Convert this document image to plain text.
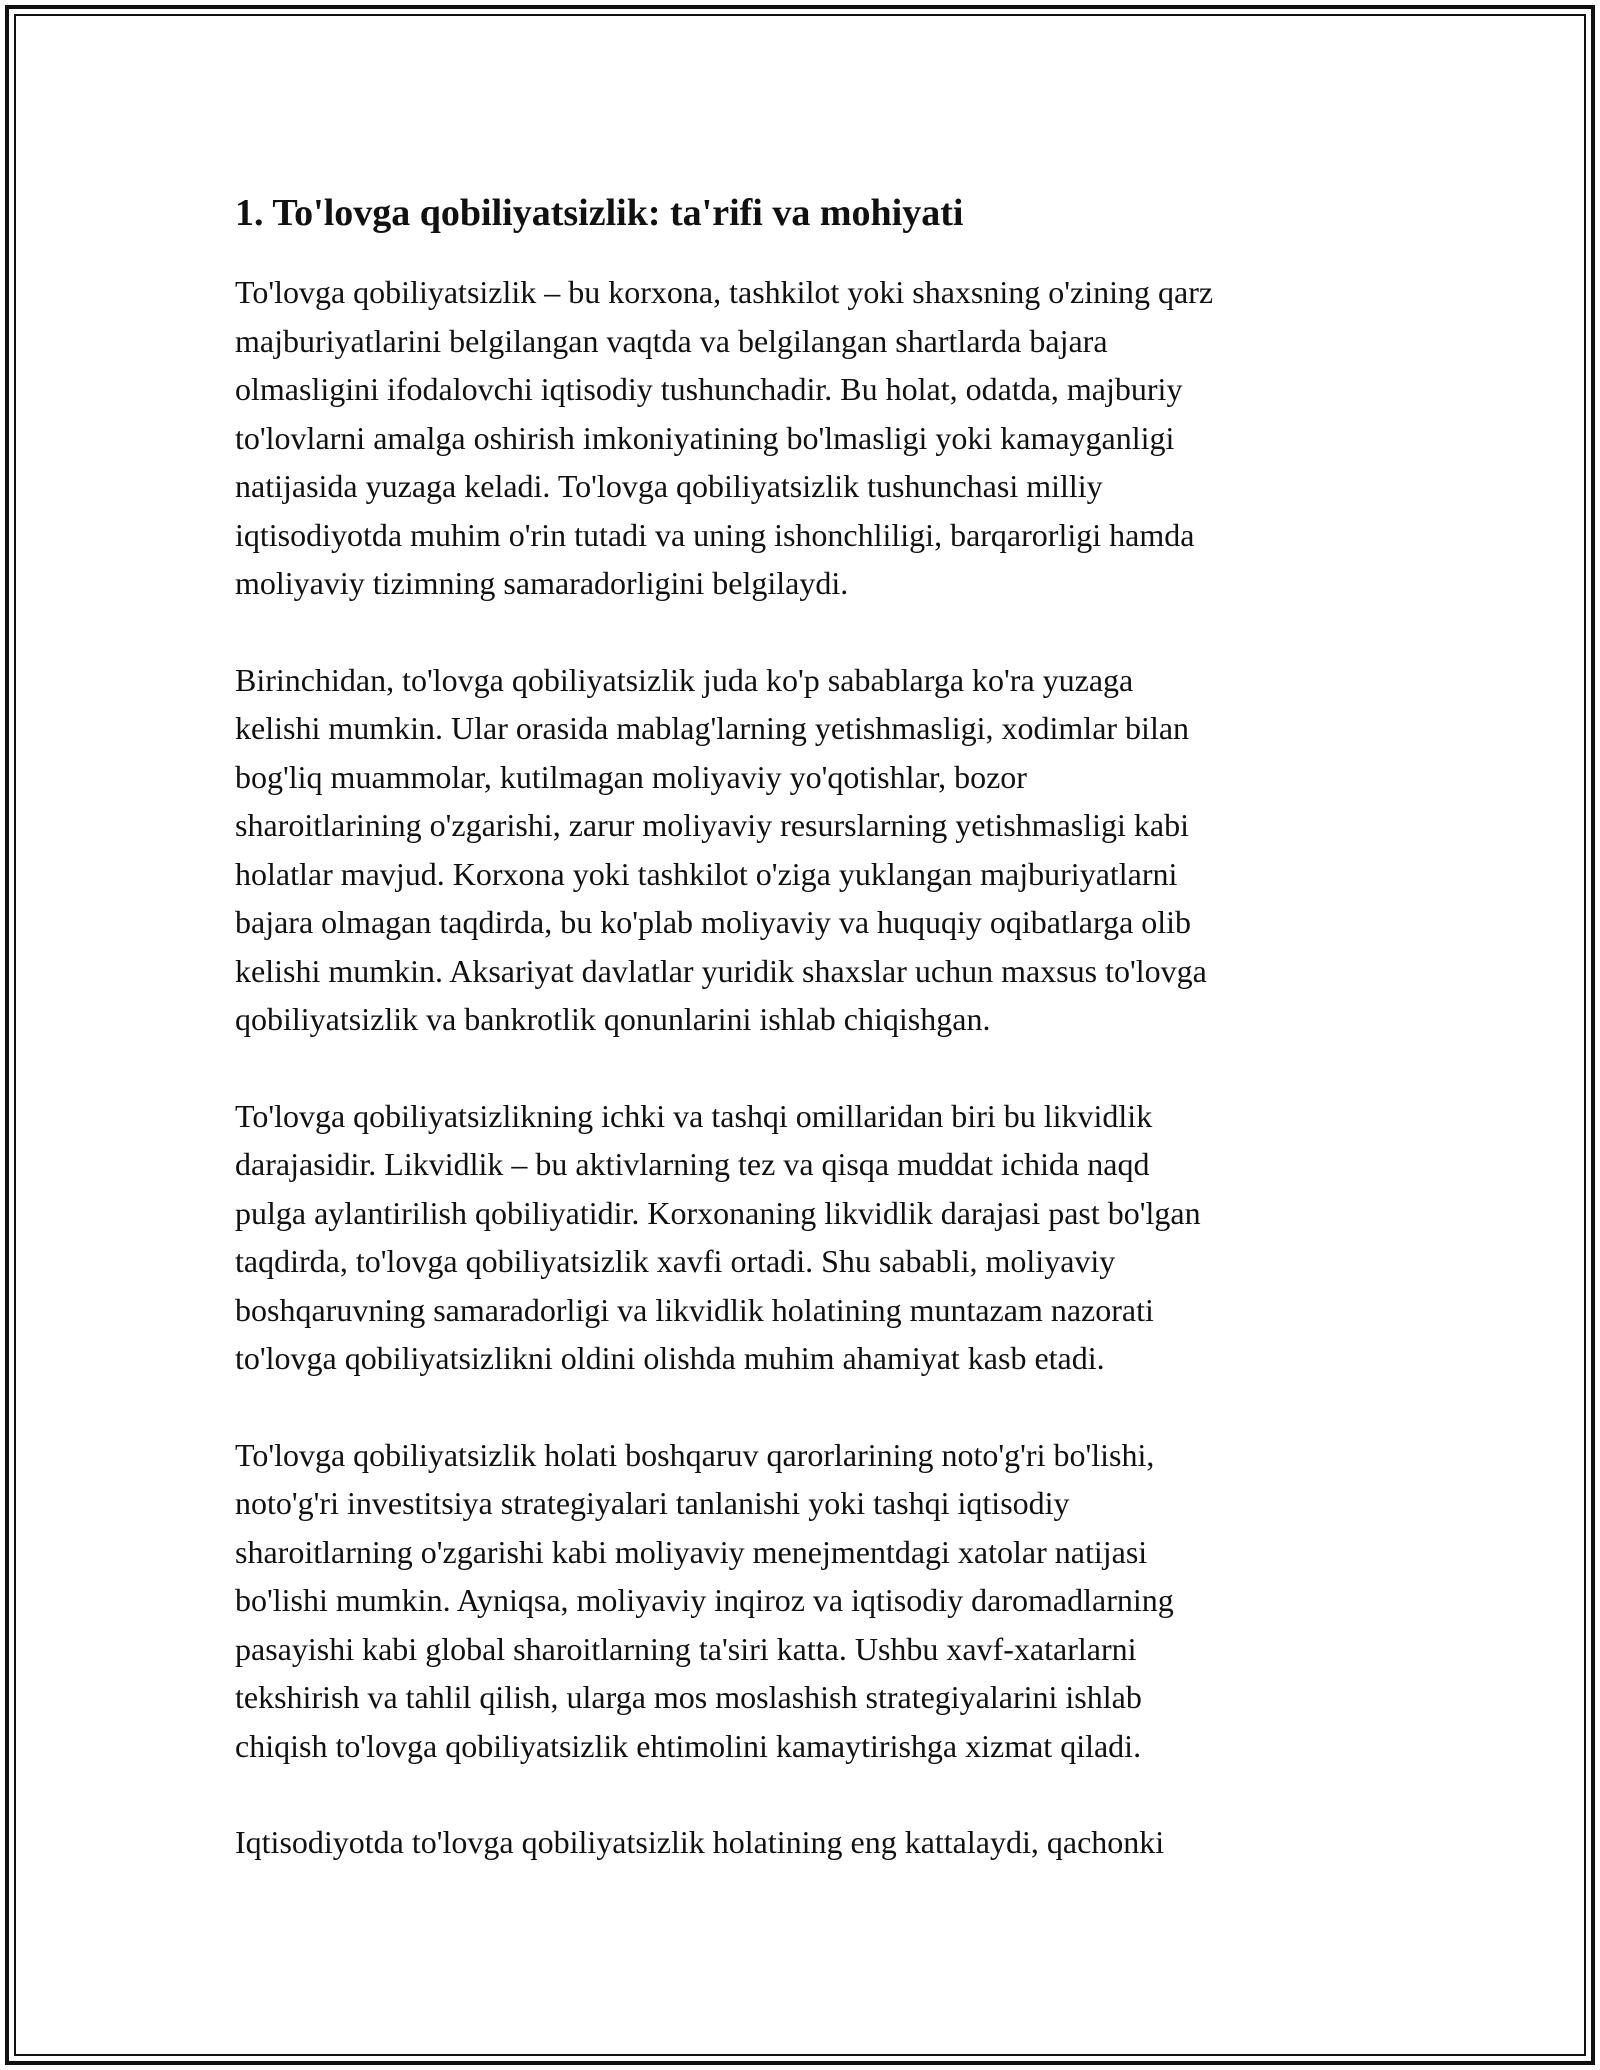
1. To'lovga qobiliyatsizlik: ta'rifi va mohiyati

To'lovga qobiliyatsizlik – bu korxona, tashkilot yoki shaxsning o'zining qarz
majburiyatlarini belgilangan vaqtda va belgilangan shartlarda bajara
olmasligini ifodalovchi iqtisodiy tushunchadir. Bu holat, odatda, majburiy
to'lovlarni amalga oshirish imkoniyatining bo'lmasligi yoki kamayganligi
natijasida yuzaga keladi. To'lovga qobiliyatsizlik tushunchasi milliy
iqtisodiyotda muhim o'rin tutadi va uning ishonchliligi, barqarorligi hamda
moliyaviy tizimning samaradorligini belgilaydi.

Birinchidan, to'lovga qobiliyatsizlik juda ko'p sabablarga ko'ra yuzaga
kelishi mumkin. Ular orasida mablag'larning yetishmasligi, xodimlar bilan
bog'liq muammolar, kutilmagan moliyaviy yo'qotishlar, bozor
sharoitlarining o'zgarishi, zarur moliyaviy resurslarning yetishmasligi kabi
holatlar mavjud. Korxona yoki tashkilot o'ziga yuklangan majburiyatlarni
bajara olmagan taqdirda, bu ko'plab moliyaviy va huquqiy oqibatlarga olib
kelishi mumkin. Aksariyat davlatlar yuridik shaxslar uchun maxsus to'lovga
qobiliyatsizlik va bankrotlik qonunlarini ishlab chiqishgan.

To'lovga qobiliyatsizlikning ichki va tashqi omillaridan biri bu likvidlik
darajasidir. Likvidlik – bu aktivlarning tez va qisqa muddat ichida naqd
pulga aylantirilish qobiliyatidir. Korxonaning likvidlik darajasi past bo'lgan
taqdirda, to'lovga qobiliyatsizlik xavfi ortadi. Shu sababli, moliyaviy
boshqaruvning samaradorligi va likvidlik holatining muntazam nazorati
to'lovga qobiliyatsizlikni oldini olishda muhim ahamiyat kasb etadi.

To'lovga qobiliyatsizlik holati boshqaruv qarorlarining noto'g'ri bo'lishi,
noto'g'ri investitsiya strategiyalari tanlanishi yoki tashqi iqtisodiy
sharoitlarning o'zgarishi kabi moliyaviy menejmentdagi xatolar natijasi
bo'lishi mumkin. Ayniqsa, moliyaviy inqiroz va iqtisodiy daromadlarning
pasayishi kabi global sharoitlarning ta'siri katta. Ushbu xavf-xatarlarni
tekshirish va tahlil qilish, ularga mos moslashish strategiyalarini ishlab
chiqish to'lovga qobiliyatsizlik ehtimolini kamaytirishga xizmat qiladi.

Iqtisodiyotda to'lovga qobiliyatsizlik holatining eng kattalaydi, qachonki
